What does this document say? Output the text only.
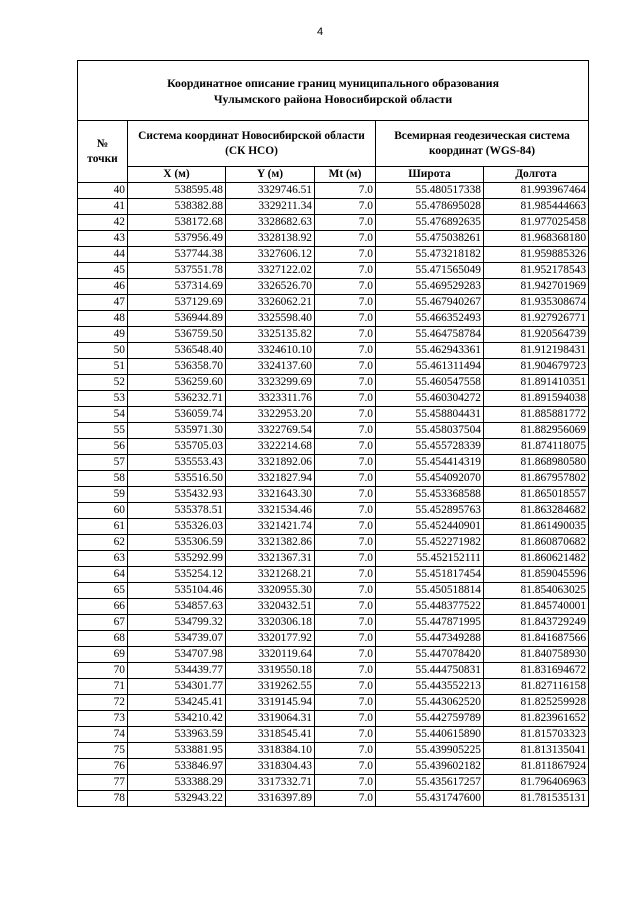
4
Координатное описание границ муниципального образования
Чулымского района Новосибирской области					
№
точки	Система координат Новосибирской области (СК НСО)			Всемирная геодезическая система координат (WGS-84)	
	X (м)	Y (м)	Mt (м)	Широта	Долгота
40	538595.48	3329746.51	7.0	55.480517338	81.993967464
41	538382.88	3329211.34	7.0	55.478695028	81.985444663
42	538172.68	3328682.63	7.0	55.476892635	81.977025458
43	537956.49	3328138.92	7.0	55.475038261	81.968368180
44	537744.38	3327606.12	7.0	55.473218182	81.959885326
45	537551.78	3327122.02	7.0	55.471565049	81.952178543
46	537314.69	3326526.70	7.0	55.469529283	81.942701969
47	537129.69	3326062.21	7.0	55.467940267	81.935308674
48	536944.89	3325598.40	7.0	55.466352493	81.927926771
49	536759.50	3325135.82	7.0	55.464758784	81.920564739
50	536548.40	3324610.10	7.0	55.462943361	81.912198431
51	536358.70	3324137.60	7.0	55.461311494	81.904679723
52	536259.60	3323299.69	7.0	55.460547558	81.891410351
53	536232.71	3323311.76	7.0	55.460304272	81.891594038
54	536059.74	3322953.20	7.0	55.458804431	81.885881772
55	535971.30	3322769.54	7.0	55.458037504	81.882956069
56	535705.03	3322214.68	7.0	55.455728339	81.874118075
57	535553.43	3321892.06	7.0	55.454414319	81.868980580
58	535516.50	3321827.94	7.0	55.454092070	81.867957802
59	535432.93	3321643.30	7.0	55.453368588	81.865018557
60	535378.51	3321534.46	7.0	55.452895763	81.863284682
61	535326.03	3321421.74	7.0	55.452440901	81.861490035
62	535306.59	3321382.86	7.0	55.452271982	81.860870682
63	535292.99	3321367.31	7.0	55.452152111	81.860621482
64	535254.12	3321268.21	7.0	55.451817454	81.859045596
65	535104.46	3320955.30	7.0	55.450518814	81.854063025
66	534857.63	3320432.51	7.0	55.448377522	81.845740001
67	534799.32	3320306.18	7.0	55.447871995	81.843729249
68	534739.07	3320177.92	7.0	55.447349288	81.841687566
69	534707.98	3320119.64	7.0	55.447078420	81.840758930
70	534439.77	3319550.18	7.0	55.444750831	81.831694672
71	534301.77	3319262.55	7.0	55.443552213	81.827116158
72	534245.41	3319145.94	7.0	55.443062520	81.825259928
73	534210.42	3319064.31	7.0	55.442759789	81.823961652
74	533963.59	3318545.41	7.0	55.440615890	81.815703323
75	533881.95	3318384.10	7.0	55.439905225	81.813135041
76	533846.97	3318304.43	7.0	55.439602182	81.811867924
77	533388.29	3317332.71	7.0	55.435617257	81.796406963
78	532943.22	3316397.89	7.0	55.431747600	81.781535131
